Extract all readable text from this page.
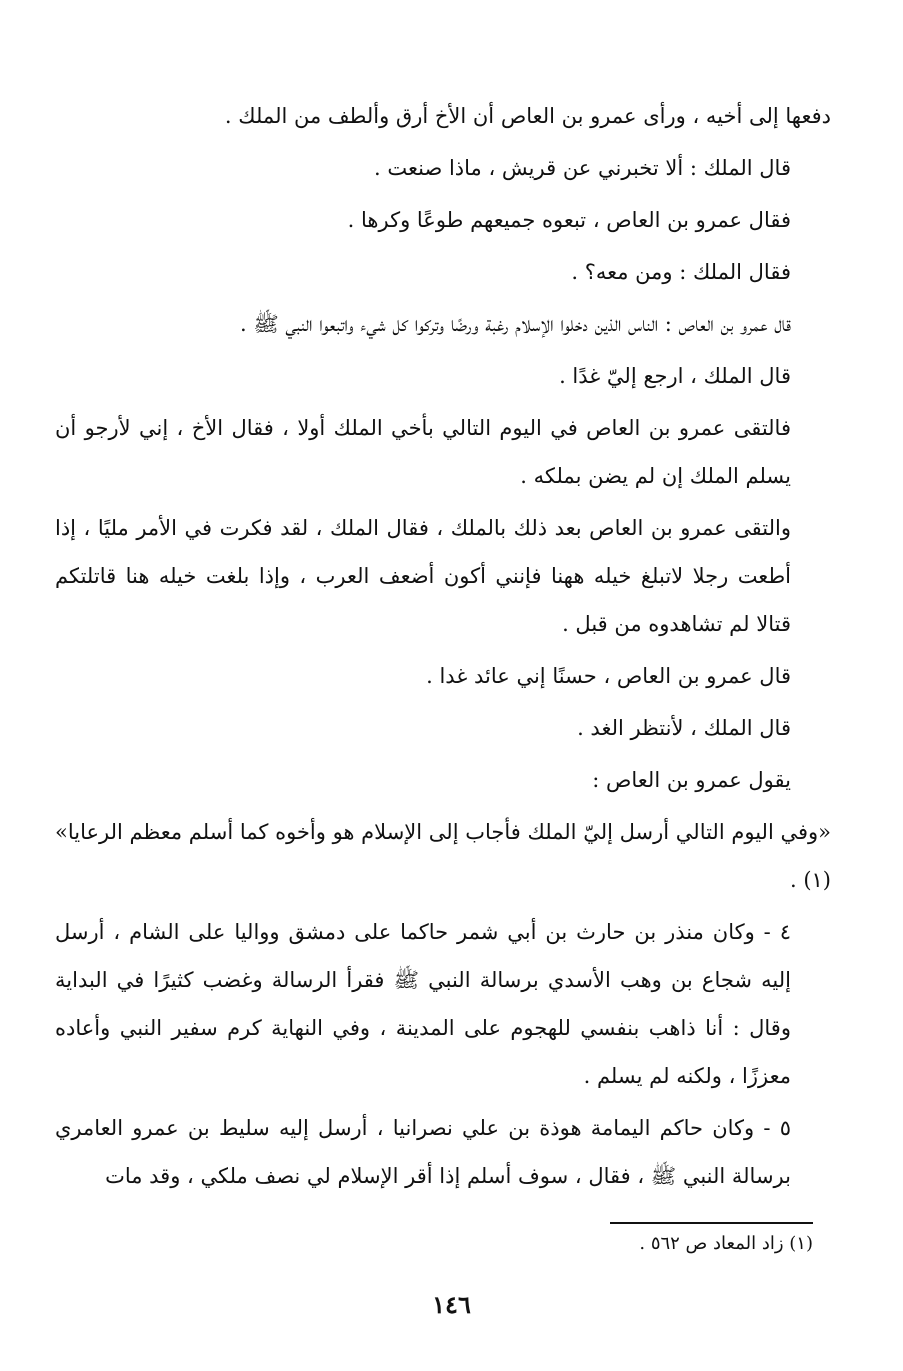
دفعها إلى أخيه ، ورأى عمرو بن العاص أن الأخ أرق وألطف من الملك .

قال الملك : ألا تخبرني عن قريش ، ماذا صنعت .

فقال عمرو بن العاص ، تبعوه جميعهم طوعًا وكرها .

فقال الملك : ومن معه؟ .

قال عمرو بن العاص : الناس الذين دخلوا الإسلام رغبة ورضًا وتركوا كل شيء واتبعوا النبي ﷺ .

قال الملك ، ارجع إليّ غدًا .

فالتقى عمرو بن العاص في اليوم التالي بأخي الملك أولا ، فقال الأخ ، إني لأرجو أن يسلم الملك إن لم يضن بملكه .

والتقى عمرو بن العاص بعد ذلك بالملك ، فقال الملك ، لقد فكرت في الأمر مليًا ، إذا أطعت رجلا لاتبلغ خيله ههنا فإنني أكون أضعف العرب ، وإذا بلغت خيله هنا قاتلتكم قتالا لم تشاهدوه من قبل .

قال عمرو بن العاص ، حسنًا إني عائد غدا .

قال الملك ، لأنتظر الغد .

يقول عمرو بن العاص :

«وفي اليوم التالي أرسل إليّ الملك فأجاب إلى الإسلام هو وأخوه كما أسلم معظم الرعايا» (١) .

٤ - وكان منذر بن حارث بن أبي شمر حاكما على دمشق وواليا على الشام ، أرسل إليه شجاع بن وهب الأسدي برسالة النبي ﷺ فقرأ الرسالة وغضب كثيرًا في البداية وقال : أنا ذاهب بنفسي للهجوم على المدينة ، وفي النهاية كرم سفير النبي وأعاده معززًا ، ولكنه لم يسلم .

٥ - وكان حاكم اليمامة هوذة بن علي نصرانيا ، أرسل إليه سليط بن عمرو العامري برسالة النبي ﷺ ، فقال ، سوف أسلم إذا أقر الإسلام لي نصف ملكي ، وقد مات

(١) زاد المعاد ص ٥٦٢ .
١٤٦
